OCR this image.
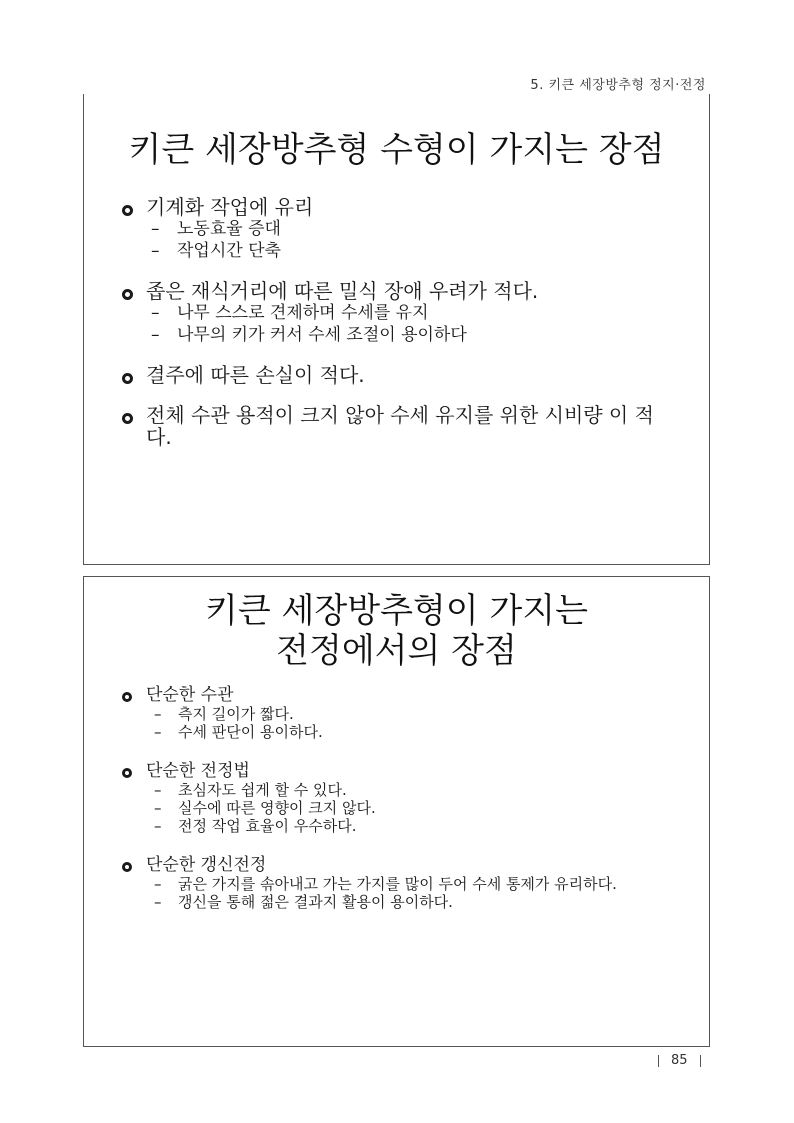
5. 키큰 세장방추형 정지·전정
키큰 세장방추형 수형이 가지는 장점
기계화 작업에 유리
– 노동효율 증대
– 작업시간 단축
좁은 재식거리에 따른 밀식 장애 우려가 적다.
– 나무 스스로 견제하며 수세를 유지
– 나무의 키가 커서 수세 조절이 용이하다
결주에 따른 손실이 적다.
전체 수관 용적이 크지 않아 수세 유지를 위한 시비량 이 적다.
키큰 세장방추형이 가지는
전정에서의 장점
단순한 수관
– 측지 길이가 짧다.
– 수세 판단이 용이하다.
단순한 전정법
– 초심자도 쉽게 할 수 있다.
– 실수에 따른 영향이 크지 않다.
– 전정 작업 효율이 우수하다.
단순한 갱신전정
– 굵은 가지를 솎아내고 가는 가지를 많이 두어 수세 통제가 유리하다.
– 갱신을 통해 젊은 결과지 활용이 용이하다.
85
